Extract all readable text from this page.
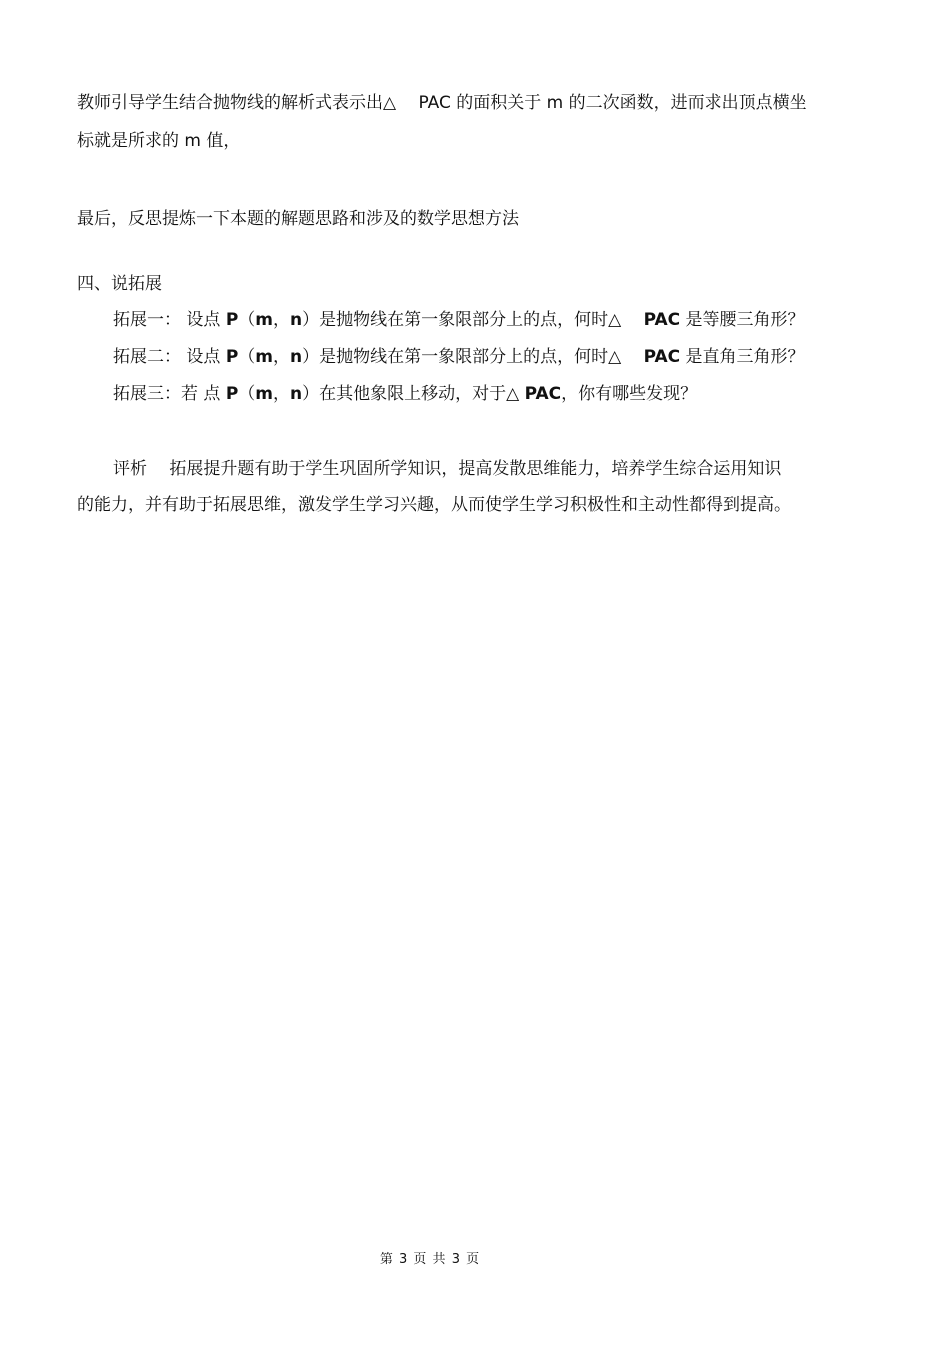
教师引导学生结合抛物线的解析式表示出△　 PAC 的面积关于 m 的二次函数，进而求出顶点横坐
标就是所求的 m 值，
最后，反思提炼一下本题的解题思路和涉及的数学思想方法
四、说拓展
拓展一： 设点 P（m，n）是抛物线在第一象限部分上的点，何时△　 PAC 是等腰三角形？
拓展二： 设点 P（m，n）是抛物线在第一象限部分上的点，何时△　 PAC 是直角三角形？
拓展三：若 点 P（m，n）在其他象限上移动，对于△ PAC，你有哪些发现？
评析　 拓展提升题有助于学生巩固所学知识，提高发散思维能力，培养学生综合运用知识
的能力，并有助于拓展思维，激发学生学习兴趣，从而使学生学习积极性和主动性都得到提高。
第 3 页 共 3 页
